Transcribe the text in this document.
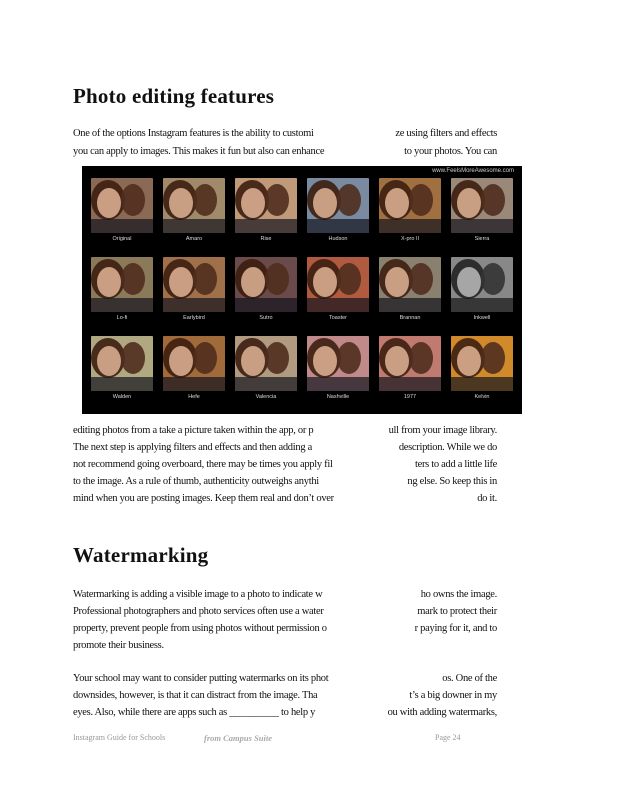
Photo editing features
One of the options Instagram features is the ability to customi	ze using filters and effects
you can apply to images. This makes it fun but also can enhance	to your photos. You can
www.FeelsMoreAwesome.com
Original	Amaro	Rise	Hudson	X-pro II	Sierra
Lo-fi	Earlybird	Sutro	Toaster	Brannan	Inkwell
Walden	Hefe	Valencia	Nashville	1977	Kelvin
editing photos from a take a picture taken within the app, or p	ull from your image library.
The next step is applying filters and effects and then adding a	description. While we do
not recommend going overboard, there may be times you apply fil	ters to add a little life
to the image. As a rule of thumb, authenticity outweighs anythi	ng else. So keep this in
mind when you are posting images. Keep them real and don’t over	do it.
Watermarking
Watermarking is adding a visible image to a photo to indicate w	ho owns the image.
Professional photographers and photo services often use a water	mark to protect their
property, prevent people from using photos without permission o	r paying for it, and to
promote their business.
Your school may want to consider putting watermarks on its phot	os. One of the
downsides, however, is that it can distract from the image. Tha	t’s a big downer in my
eyes. Also, while there are apps such as __________ to help y	ou with adding watermarks,
Instagram Guide for Schools	from Campus Suite	Page 24
